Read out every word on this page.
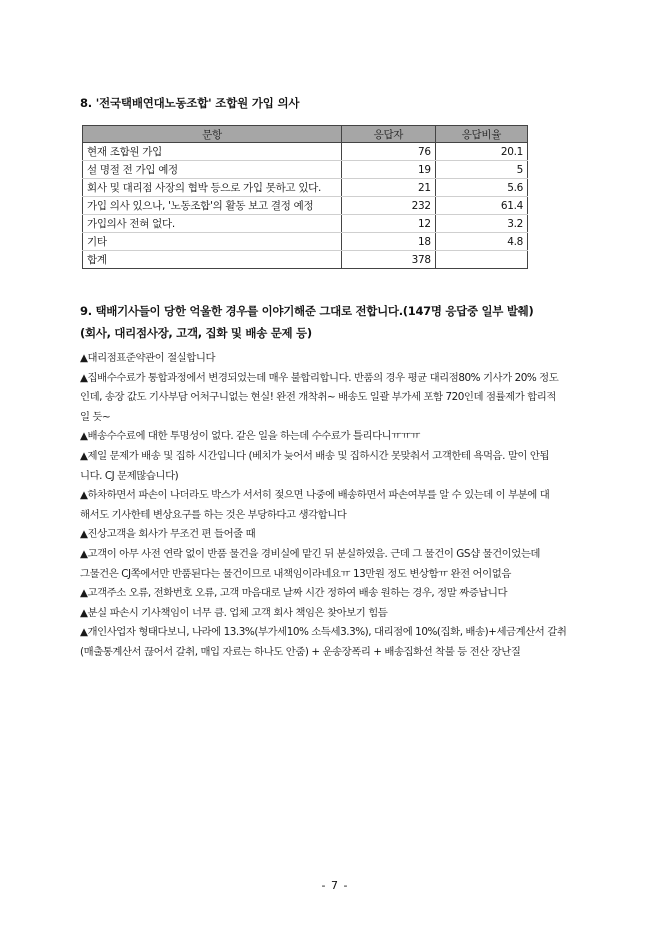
8. '전국택배연대노동조합' 조합원 가입 의사
문항	응답자	응답비율
현재 조합원 가입	76	20.1
설 명절 전 가입 예정	19	5
회사 및 대리점 사장의 협박 등으로 가입 못하고 있다.	21	5.6
가입 의사 있으나, '노동조합'의 활동 보고 결정 예정	232	61.4
가입의사 전혀 없다.	12	3.2
기타	18	4.8
합계	378	
9. 택배기사들이 당한 억울한 경우를 이야기해준 그대로 전합니다.(147명 응답중 일부 발췌)
(회사, 대리점사장, 고객, 집화 및 배송 문제 등)
▲대리점표준약관이 절실합니다
▲집배수수료가 통합과정에서 변경되었는데 매우 불합리합니다. 반품의 경우 평균 대리점80% 기사가 20% 정도
인데, 송장 값도 기사부담 어처구니없는 현실! 완전 개착취~ 배송도 일괄 부가세 포함 720인데 점률제가 합리적
일 듯~
▲배송수수료에 대한 투명성이 없다. 같은 일을 하는데 수수료가 틀리다니ㅠㅠㅠ
▲제일 문제가 배송 및 집하 시간입니다 (베치가 늦어서 배송 및 집하시간 못맞춰서 고객한테 욕먹음. 말이 안됩
니다. CJ 문제많습니다)
▲하차하면서 파손이 나더라도 박스가 서서히 젖으면 나중에 배송하면서 파손여부를 알 수 있는데 이 부분에 대
해서도 기사한테 변상요구를 하는 것은 부당하다고 생각합니다
▲진상고객을 회사가 무조건 편 들어줄 때
▲고객이 아무 사전 연락 없이 반품 물건을 경비실에 맡긴 뒤 분실하였음. 근데 그 물건이 GS샵 물건이었는데
그물건은 CJ쪽에서만 반품된다는 물건이므로 내책임이라네요ㅠ 13만원 정도 변상함ㅠ 완전 어이없음
▲고객주소 오류, 전화번호 오류, 고객 마음대로 날짜 시간 정하여 배송 원하는 경우, 정말 짜증납니다
▲분실 파손시 기사책임이 너무 큼. 업체 고객 회사 책임은 찾아보기 힘듬
▲개인사업자 형태다보니, 나라에 13.3%(부가세10% 소득세3.3%), 대리점에 10%(집화, 배송)+세금계산서 갈취
(매출통계산서 끊어서 갈취, 매입 자료는 하나도 안줌) + 운송장폭리 + 배송집화선 착불 등 전산 장난질
- 7 -
